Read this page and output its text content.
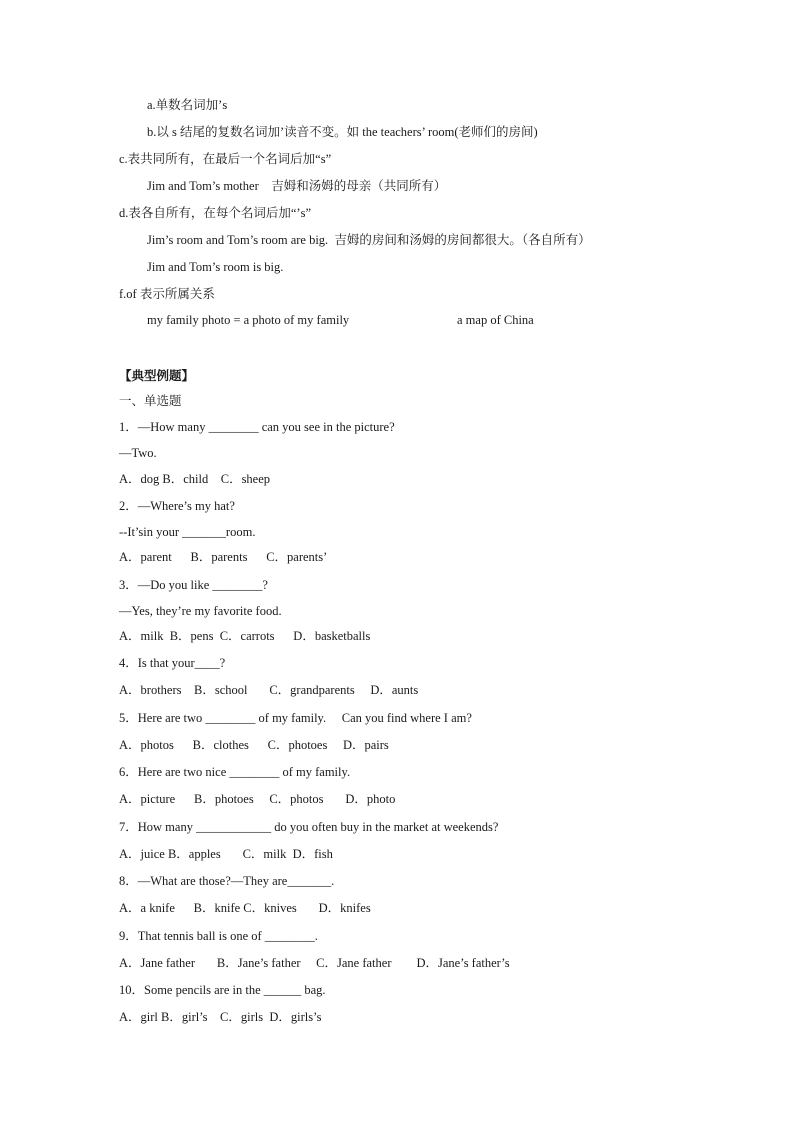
a.单数名词加’s
b.以 s 结尾的复数名词加’读音不变。如 the teachers’ room(老师们的房间)
c.表共同所有，在最后一个名词后加“s”
Jim and Tom’s mother    吉姆和汤姆的母亲（共同所有）
d.表各自所有，在每个名词后加“’s”
Jim’s room and Tom’s room are big.  吉姆的房间和汤姆的房间都很大。（各自所有）
Jim and Tom’s room is big.
f.of 表示所属关系
my family photo = a photo of my family	a map of China
【典型例题】
一、单选题
1．—How many ________ can you see in the picture?
—Two.
A．dog B．child    C．sheep
2．—Where’s my hat?
--It’sin your _______room.
A．parent      B．parents      C．parents’
3．—Do you like ________?
—Yes, they’re my favorite food.
A．milk  B．pens  C．carrots      D．basketballs
4．Is that your____?
A．brothers    B．school       C．grandparents     D．aunts
5．Here are two ________ of my family.     Can you find where I am?
A．photos      B．clothes      C．photoes     D．pairs
6．Here are two nice ________ of my family.
A．picture      B．photoes     C．photos       D．photo
7．How many ____________ do you often buy in the market at weekends?
A．juice B．apples       C．milk  D．fish
8．—What are those?—They are_______.
A．a knife      B．knife C．knives       D．knifes
9．That tennis ball is one of ________.
A．Jane father       B．Jane’s father     C．Jane father        D．Jane’s father’s
10．Some pencils are in the ______ bag.
A．girl B．girl’s    C．girls  D．girls’s
